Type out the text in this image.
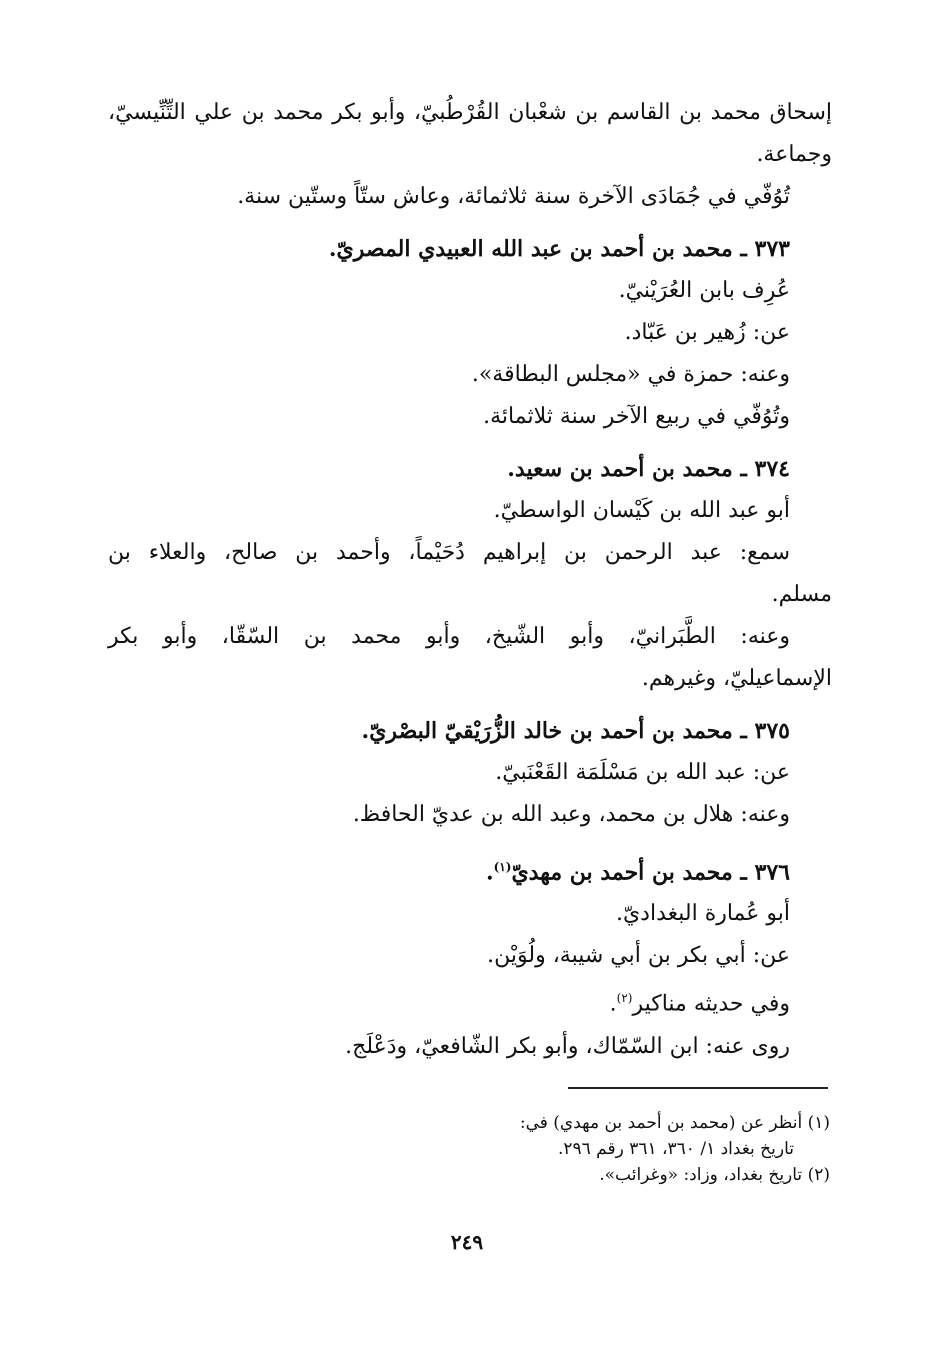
إسحاق محمد بن القاسم بن شعْبان القُرْطُبيّ، وأبو بكر محمد بن علي التِّنِّيسيّ،
وجماعة.
تُوُفّي في جُمَادَى الآخرة سنة ثلاثمائة، وعاش ستّاً وستّين سنة.
٣٧٣ ـ محمد بن أحمد بن عبد الله العبيدي المصريّ.
عُرِف بابن العُرَيْنيّ.
عن: زُهير بن عَبّاد.
وعنه: حمزة في «مجلس البطاقة».
وتُوُفّي في ربيع الآخر سنة ثلاثمائة.
٣٧٤ ـ محمد بن أحمد بن سعيد.
أبو عبد الله بن كَيْسان الواسطيّ.
سمع: عبد الرحمن بن إبراهيم دُحَيْماً، وأحمد بن صالح، والعلاء بن
مسلم.
وعنه: الطَّبَرانيّ، وأبو الشّيخ، وأبو محمد بن السّقّا، وأبو بكر
الإسماعيليّ، وغيرهم.
٣٧٥ ـ محمد بن أحمد بن خالد الزُّرَيْقيّ البصْريّ.
عن: عبد الله بن مَسْلَمَة القَعْنَبيّ.
وعنه: هلال بن محمد، وعبد الله بن عديّ الحافظ.
٣٧٦ ـ محمد بن أحمد بن مهديّ$^{(١)}$.
أبو عُمارة البغداديّ.
عن: أبي بكر بن أبي شيبة، ولُوَيْن.
وفي حديثه مناكير$^{(٢)}$.
روى عنه: ابن السّمّاك، وأبو بكر الشّافعيّ، ودَعْلَج.
(١) أنظر عن (محمد بن أحمد بن مهدي) في:
تاريخ بغداد ١/ ٣٦٠، ٣٦١ رقم ٢٩٦.
(٢) تاريخ بغداد، وزاد: «وغرائب».
٢٤٩
